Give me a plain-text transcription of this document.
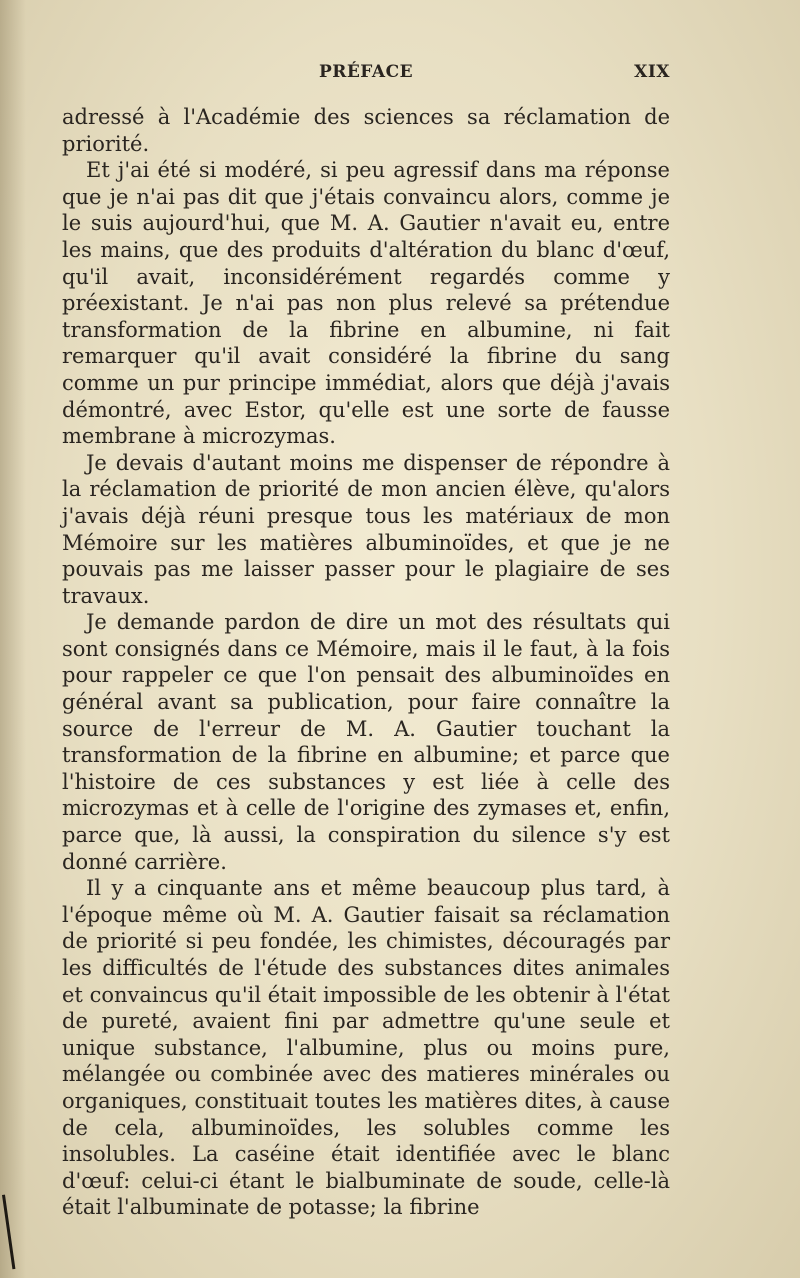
PRÉFACE	XIX

adressé à l'Académie des sciences sa réclamation de priorité.

Et j'ai été si modéré, si peu agressif dans ma réponse que je n'ai pas dit que j'étais convaincu alors, comme je le suis aujourd'hui, que M. A. Gautier n'avait eu, entre les mains, que des produits d'altération du blanc d'œuf, qu'il avait, inconsidérément regardés comme y préexistant. Je n'ai pas non plus relevé sa prétendue transformation de la fibrine en albumine, ni fait remarquer qu'il avait considéré la fibrine du sang comme un pur principe immédiat, alors que déjà j'avais démontré, avec Estor, qu'elle est une sorte de fausse membrane à microzymas.

Je devais d'autant moins me dispenser de répondre à la réclamation de priorité de mon ancien élève, qu'alors j'avais déjà réuni presque tous les matériaux de mon Mémoire sur les matières albuminoïdes, et que je ne pouvais pas me laisser passer pour le plagiaire de ses travaux.

Je demande pardon de dire un mot des résultats qui sont consignés dans ce Mémoire, mais il le faut, à la fois pour rappeler ce que l'on pensait des albuminoïdes en général avant sa publication, pour faire connaître la source de l'erreur de M. A. Gautier touchant la transformation de la fibrine en albumine; et parce que l'histoire de ces substances y est liée à celle des microzymas et à celle de l'origine des zymases et, enfin, parce que, là aussi, la conspiration du silence s'y est donné carrière.

Il y a cinquante ans et même beaucoup plus tard, à l'époque même où M. A. Gautier faisait sa réclamation de priorité si peu fondée, les chimistes, découragés par les difficultés de l'étude des substances dites animales et convaincus qu'il était impossible de les obtenir à l'état de pureté, avaient fini par admettre qu'une seule et unique substance, l'albumine, plus ou moins pure, mélangée ou combinée avec des matieres minérales ou organiques, constituait toutes les matières dites, à cause de cela, albuminoïdes, les solubles comme les insolubles. La caséine était identifiée avec le blanc d'œuf: celui-ci étant le bialbuminate de soude, celle-là était l'albuminate de potasse; la fibrine
